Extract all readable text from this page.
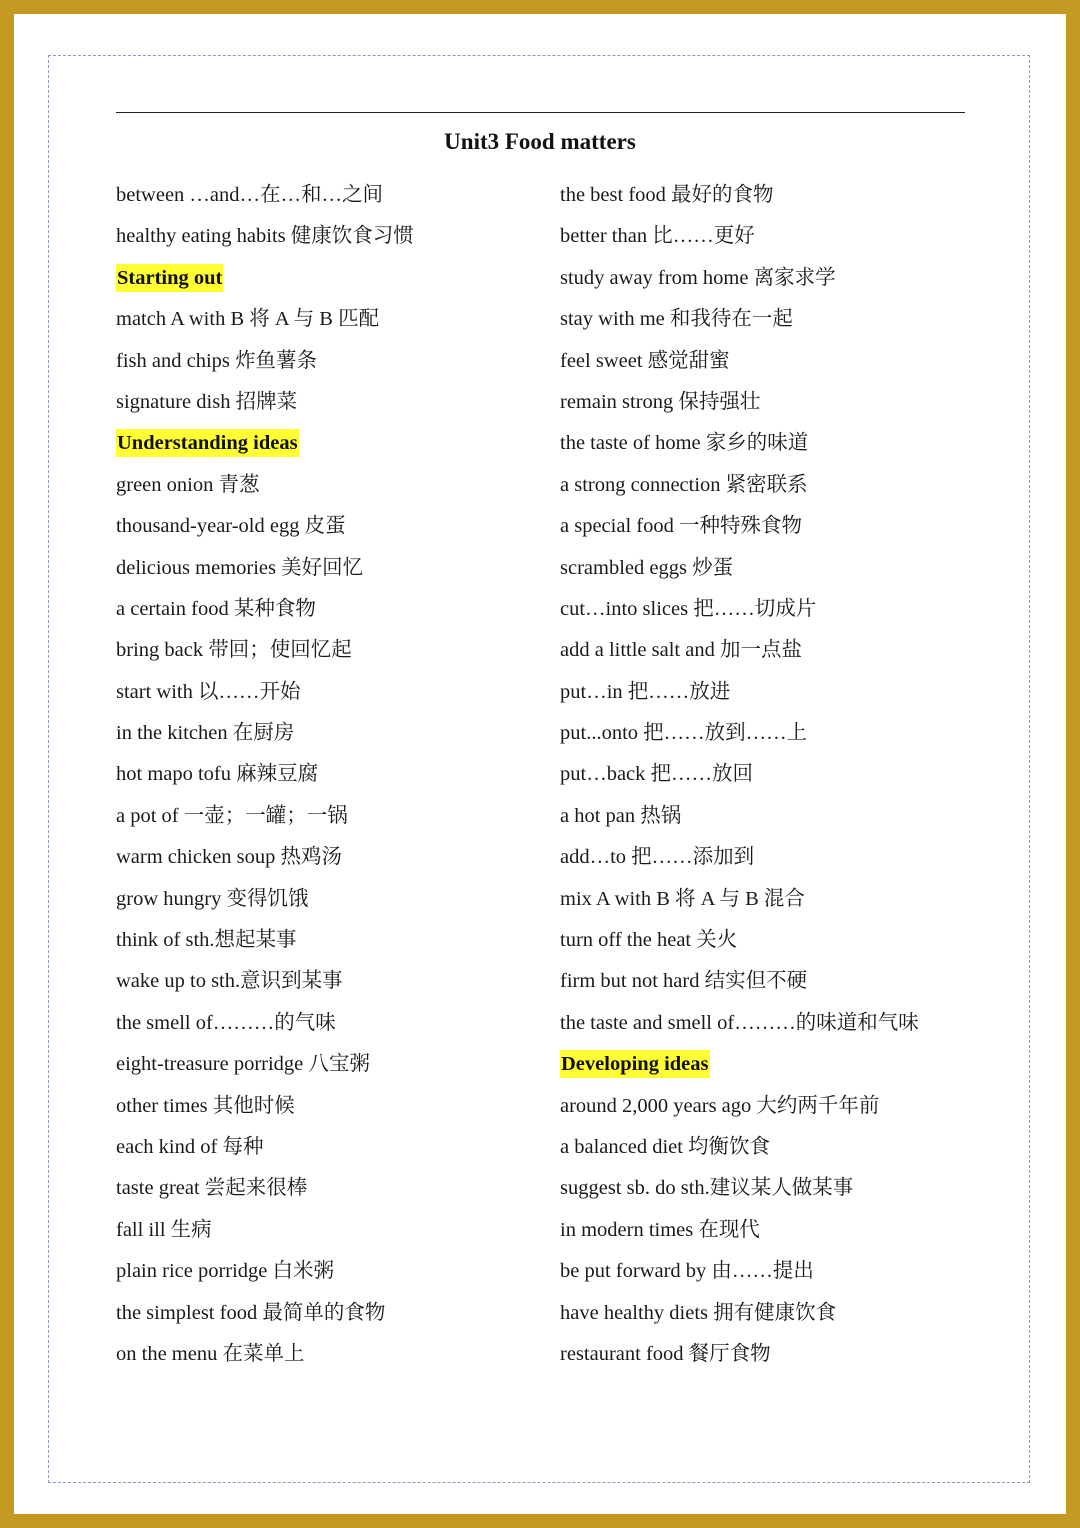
Unit3 Food matters
between …and…在…和…之间
healthy eating habits 健康饮食习惯
Starting out
match A with B 将 A 与 B 匹配
fish and chips 炸鱼薯条
signature dish 招牌菜
Understanding ideas
green onion 青葱
thousand-year-old egg 皮蛋
delicious memories 美好回忆
a certain food 某种食物
bring back 带回；使回忆起
start with 以……开始
in the kitchen 在厨房
hot mapo tofu 麻辣豆腐
a pot of 一壶；一罐；一锅
warm chicken soup 热鸡汤
grow hungry 变得饥饿
think of sth.想起某事
wake up to sth.意识到某事
the smell of………的气味
eight-treasure porridge 八宝粥
other times 其他时候
each kind of 每种
taste great 尝起来很棒
fall ill 生病
plain rice porridge 白米粥
the simplest food 最简单的食物
on the menu 在菜单上
the best food 最好的食物
better than 比……更好
study away from home 离家求学
stay with me 和我待在一起
feel sweet 感觉甜蜜
remain strong 保持强壮
the taste of home 家乡的味道
a strong connection 紧密联系
a special food 一种特殊食物
scrambled eggs 炒蛋
cut…into slices 把……切成片
add a little salt and 加一点盐
put…in 把……放进
put...onto 把……放到……上
put…back 把……放回
a hot pan 热锅
add…to 把……添加到
mix A with B 将 A 与 B 混合
turn off the heat 关火
firm but not hard 结实但不硬
the taste and smell of………的味道和气味
Developing ideas
around 2,000 years ago 大约两千年前
a balanced diet 均衡饮食
suggest sb. do sth.建议某人做某事
in modern times 在现代
be put forward by 由……提出
have healthy diets 拥有健康饮食
restaurant food 餐厅食物
